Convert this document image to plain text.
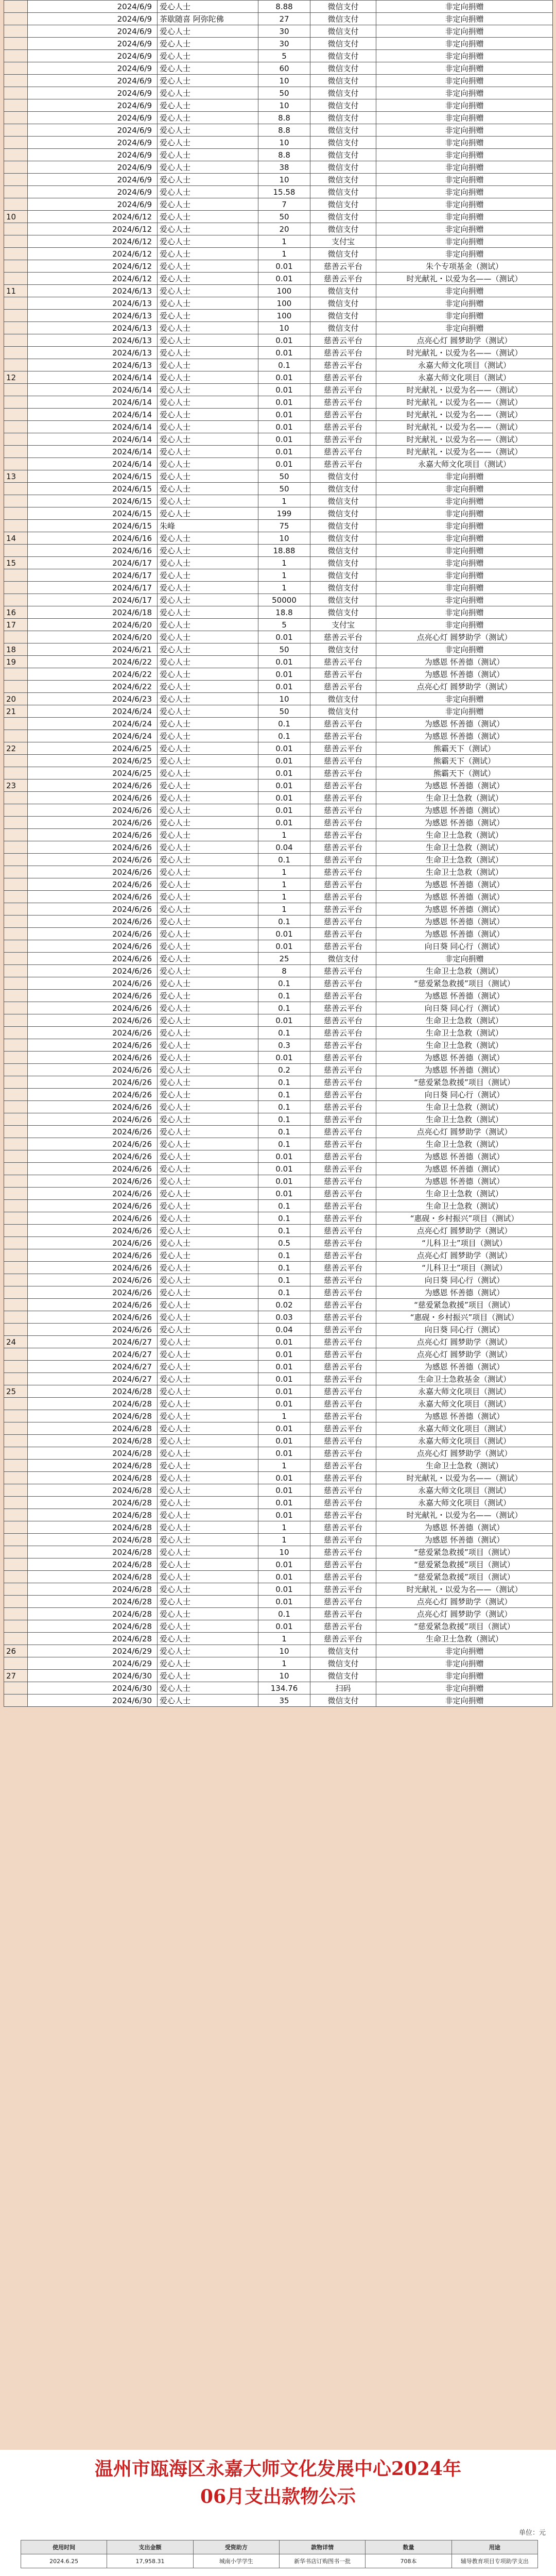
	2024/6/9	爱心人士	8.88	微信支付	非定向捐赠
	2024/6/9	茶歇随喜 阿弥陀佛	27	微信支付	非定向捐赠
	2024/6/9	爱心人士	30	微信支付	非定向捐赠
	2024/6/9	爱心人士	30	微信支付	非定向捐赠
	2024/6/9	爱心人士	5	微信支付	非定向捐赠
	2024/6/9	爱心人士	60	微信支付	非定向捐赠
	2024/6/9	爱心人士	10	微信支付	非定向捐赠
	2024/6/9	爱心人士	50	微信支付	非定向捐赠
	2024/6/9	爱心人士	10	微信支付	非定向捐赠
	2024/6/9	爱心人士	8.8	微信支付	非定向捐赠
	2024/6/9	爱心人士	8.8	微信支付	非定向捐赠
	2024/6/9	爱心人士	10	微信支付	非定向捐赠
	2024/6/9	爱心人士	8.8	微信支付	非定向捐赠
	2024/6/9	爱心人士	38	微信支付	非定向捐赠
	2024/6/9	爱心人士	10	微信支付	非定向捐赠
	2024/6/9	爱心人士	15.58	微信支付	非定向捐赠
	2024/6/9	爱心人士	7	微信支付	非定向捐赠
10	2024/6/12	爱心人士	50	微信支付	非定向捐赠
	2024/6/12	爱心人士	20	微信支付	非定向捐赠
	2024/6/12	爱心人士	1	支付宝	非定向捐赠
	2024/6/12	爱心人士	1	微信支付	非定向捐赠
	2024/6/12	爱心人士	0.01	慈善云平台	朱个专项基金（测试）
	2024/6/12	爱心人士	0.01	慈善云平台	时光献礼・以爱为名——（测试）
11	2024/6/13	爱心人士	100	微信支付	非定向捐赠
	2024/6/13	爱心人士	100	微信支付	非定向捐赠
	2024/6/13	爱心人士	100	微信支付	非定向捐赠
	2024/6/13	爱心人士	10	微信支付	非定向捐赠
	2024/6/13	爱心人士	0.01	慈善云平台	点亮心灯 圆梦助学（测试）
	2024/6/13	爱心人士	0.01	慈善云平台	时光献礼・以爱为名——（测试）
	2024/6/13	爱心人士	0.1	慈善云平台	永嘉大师文化项目（测试）
12	2024/6/14	爱心人士	0.01	慈善云平台	永嘉大师文化项目（测试）
	2024/6/14	爱心人士	0.01	慈善云平台	时光献礼・以爱为名——（测试）
	2024/6/14	爱心人士	0.01	慈善云平台	时光献礼・以爱为名——（测试）
	2024/6/14	爱心人士	0.01	慈善云平台	时光献礼・以爱为名——（测试）
	2024/6/14	爱心人士	0.01	慈善云平台	时光献礼・以爱为名——（测试）
	2024/6/14	爱心人士	0.01	慈善云平台	时光献礼・以爱为名——（测试）
	2024/6/14	爱心人士	0.01	慈善云平台	时光献礼・以爱为名——（测试）
	2024/6/14	爱心人士	0.01	慈善云平台	永嘉大师文化项目（测试）
13	2024/6/15	爱心人士	50	微信支付	非定向捐赠
	2024/6/15	爱心人士	50	微信支付	非定向捐赠
	2024/6/15	爱心人士	1	微信支付	非定向捐赠
	2024/6/15	爱心人士	199	微信支付	非定向捐赠
	2024/6/15	朱峰	75	微信支付	非定向捐赠
14	2024/6/16	爱心人士	10	微信支付	非定向捐赠
	2024/6/16	爱心人士	18.88	微信支付	非定向捐赠
15	2024/6/17	爱心人士	1	微信支付	非定向捐赠
	2024/6/17	爱心人士	1	微信支付	非定向捐赠
	2024/6/17	爱心人士	1	微信支付	非定向捐赠
	2024/6/17	爱心人士	50000	微信支付	非定向捐赠
16	2024/6/18	爱心人士	18.8	微信支付	非定向捐赠
17	2024/6/20	爱心人士	5	支付宝	非定向捐赠
	2024/6/20	爱心人士	0.01	慈善云平台	点亮心灯 圆梦助学（测试）
18	2024/6/21	爱心人士	50	微信支付	非定向捐赠
19	2024/6/22	爱心人士	0.01	慈善云平台	为感恩 怀善德（测试）
	2024/6/22	爱心人士	0.01	慈善云平台	为感恩 怀善德（测试）
	2024/6/22	爱心人士	0.01	慈善云平台	点亮心灯 圆梦助学（测试）
20	2024/6/23	爱心人士	10	微信支付	非定向捐赠
21	2024/6/24	爱心人士	50	微信支付	非定向捐赠
	2024/6/24	爱心人士	0.1	慈善云平台	为感恩 怀善德（测试）
	2024/6/24	爱心人士	0.1	慈善云平台	为感恩 怀善德（测试）
22	2024/6/25	爱心人士	0.01	慈善云平台	熊霸天下（测试）
	2024/6/25	爱心人士	0.01	慈善云平台	熊霸天下（测试）
	2024/6/25	爱心人士	0.01	慈善云平台	熊霸天下（测试）
23	2024/6/26	爱心人士	0.01	慈善云平台	为感恩 怀善德（测试）
	2024/6/26	爱心人士	0.01	慈善云平台	生命卫士急救（测试）
	2024/6/26	爱心人士	0.01	慈善云平台	为感恩 怀善德（测试）
	2024/6/26	爱心人士	0.01	慈善云平台	为感恩 怀善德（测试）
	2024/6/26	爱心人士	1	慈善云平台	生命卫士急救（测试）
	2024/6/26	爱心人士	0.04	慈善云平台	生命卫士急救（测试）
	2024/6/26	爱心人士	0.1	慈善云平台	生命卫士急救（测试）
	2024/6/26	爱心人士	1	慈善云平台	生命卫士急救（测试）
	2024/6/26	爱心人士	1	慈善云平台	为感恩 怀善德（测试）
	2024/6/26	爱心人士	1	慈善云平台	为感恩 怀善德（测试）
	2024/6/26	爱心人士	1	慈善云平台	为感恩 怀善德（测试）
	2024/6/26	爱心人士	0.1	慈善云平台	为感恩 怀善德（测试）
	2024/6/26	爱心人士	0.01	慈善云平台	为感恩 怀善德（测试）
	2024/6/26	爱心人士	0.01	慈善云平台	向日葵 同心行（测试）
	2024/6/26	爱心人士	25	微信支付	非定向捐赠
	2024/6/26	爱心人士	8	慈善云平台	生命卫士急救（测试）
	2024/6/26	爱心人士	0.1	慈善云平台	“慈爱紧急救援”项目（测试）
	2024/6/26	爱心人士	0.1	慈善云平台	为感恩 怀善德（测试）
	2024/6/26	爱心人士	0.1	慈善云平台	向日葵 同心行（测试）
	2024/6/26	爱心人士	0.01	慈善云平台	生命卫士急救（测试）
	2024/6/26	爱心人士	0.1	慈善云平台	生命卫士急救（测试）
	2024/6/26	爱心人士	0.3	慈善云平台	生命卫士急救（测试）
	2024/6/26	爱心人士	0.01	慈善云平台	为感恩 怀善德（测试）
	2024/6/26	爱心人士	0.2	慈善云平台	为感恩 怀善德（测试）
	2024/6/26	爱心人士	0.1	慈善云平台	“慈爱紧急救援”项目（测试）
	2024/6/26	爱心人士	0.1	慈善云平台	向日葵 同心行（测试）
	2024/6/26	爱心人士	0.1	慈善云平台	生命卫士急救（测试）
	2024/6/26	爱心人士	0.1	慈善云平台	生命卫士急救（测试）
	2024/6/26	爱心人士	0.1	慈善云平台	点亮心灯 圆梦助学（测试）
	2024/6/26	爱心人士	0.1	慈善云平台	生命卫士急救（测试）
	2024/6/26	爱心人士	0.01	慈善云平台	为感恩 怀善德（测试）
	2024/6/26	爱心人士	0.01	慈善云平台	为感恩 怀善德（测试）
	2024/6/26	爱心人士	0.01	慈善云平台	为感恩 怀善德（测试）
	2024/6/26	爱心人士	0.01	慈善云平台	生命卫士急救（测试）
	2024/6/26	爱心人士	0.1	慈善云平台	生命卫士急救（测试）
	2024/6/26	爱心人士	0.1	慈善云平台	“惠砚・乡村振兴”项目（测试）
	2024/6/26	爱心人士	0.1	慈善云平台	点亮心灯 圆梦助学（测试）
	2024/6/26	爱心人士	0.5	慈善云平台	“儿科卫士”项目（测试）
	2024/6/26	爱心人士	0.1	慈善云平台	点亮心灯 圆梦助学（测试）
	2024/6/26	爱心人士	0.1	慈善云平台	“儿科卫士”项目（测试）
	2024/6/26	爱心人士	0.1	慈善云平台	向日葵 同心行（测试）
	2024/6/26	爱心人士	0.1	慈善云平台	为感恩 怀善德（测试）
	2024/6/26	爱心人士	0.02	慈善云平台	“慈爱紧急救援”项目（测试）
	2024/6/26	爱心人士	0.03	慈善云平台	“惠砚・乡村振兴”项目（测试）
	2024/6/26	爱心人士	0.04	慈善云平台	向日葵 同心行（测试）
24	2024/6/27	爱心人士	0.01	慈善云平台	点亮心灯 圆梦助学（测试）
	2024/6/27	爱心人士	0.01	慈善云平台	点亮心灯 圆梦助学（测试）
	2024/6/27	爱心人士	0.01	慈善云平台	为感恩 怀善德（测试）
	2024/6/27	爱心人士	0.01	慈善云平台	生命卫士急救基金（测试）
25	2024/6/28	爱心人士	0.01	慈善云平台	永嘉大师文化项目（测试）
	2024/6/28	爱心人士	0.01	慈善云平台	永嘉大师文化项目（测试）
	2024/6/28	爱心人士	1	慈善云平台	为感恩 怀善德（测试）
	2024/6/28	爱心人士	0.01	慈善云平台	永嘉大师文化项目（测试）
	2024/6/28	爱心人士	0.01	慈善云平台	永嘉大师文化项目（测试）
	2024/6/28	爱心人士	0.01	慈善云平台	点亮心灯 圆梦助学（测试）
	2024/6/28	爱心人士	1	慈善云平台	生命卫士急救（测试）
	2024/6/28	爱心人士	0.01	慈善云平台	时光献礼・以爱为名——（测试）
	2024/6/28	爱心人士	0.01	慈善云平台	永嘉大师文化项目（测试）
	2024/6/28	爱心人士	0.01	慈善云平台	永嘉大师文化项目（测试）
	2024/6/28	爱心人士	0.01	慈善云平台	时光献礼・以爱为名——（测试）
	2024/6/28	爱心人士	1	慈善云平台	为感恩 怀善德（测试）
	2024/6/28	爱心人士	1	慈善云平台	为感恩 怀善德（测试）
	2024/6/28	爱心人士	10	慈善云平台	“慈爱紧急救援”项目（测试）
	2024/6/28	爱心人士	0.01	慈善云平台	“慈爱紧急救援”项目（测试）
	2024/6/28	爱心人士	0.01	慈善云平台	“慈爱紧急救援”项目（测试）
	2024/6/28	爱心人士	0.01	慈善云平台	时光献礼・以爱为名——（测试）
	2024/6/28	爱心人士	0.01	慈善云平台	点亮心灯 圆梦助学（测试）
	2024/6/28	爱心人士	0.1	慈善云平台	点亮心灯 圆梦助学（测试）
	2024/6/28	爱心人士	0.01	慈善云平台	“慈爱紧急救援”项目（测试）
	2024/6/28	爱心人士	1	慈善云平台	生命卫士急救（测试）
26	2024/6/29	爱心人士	10	微信支付	非定向捐赠
	2024/6/29	爱心人士	1	微信支付	非定向捐赠
27	2024/6/30	爱心人士	10	微信支付	非定向捐赠
	2024/6/30	爱心人士	134.76	扫码	非定向捐赠
	2024/6/30	爱心人士	35	微信支付	非定向捐赠
温州市瓯海区永嘉大师文化发展中心2024年
06月支出款物公示
单位：元
使用时间	支出金额	受资助方	款物详情	数量	用途
2024.6.25	17,958.31	城南小学学生	新华书店订购图书一批	708本	辅导教育项目专项助学支出
